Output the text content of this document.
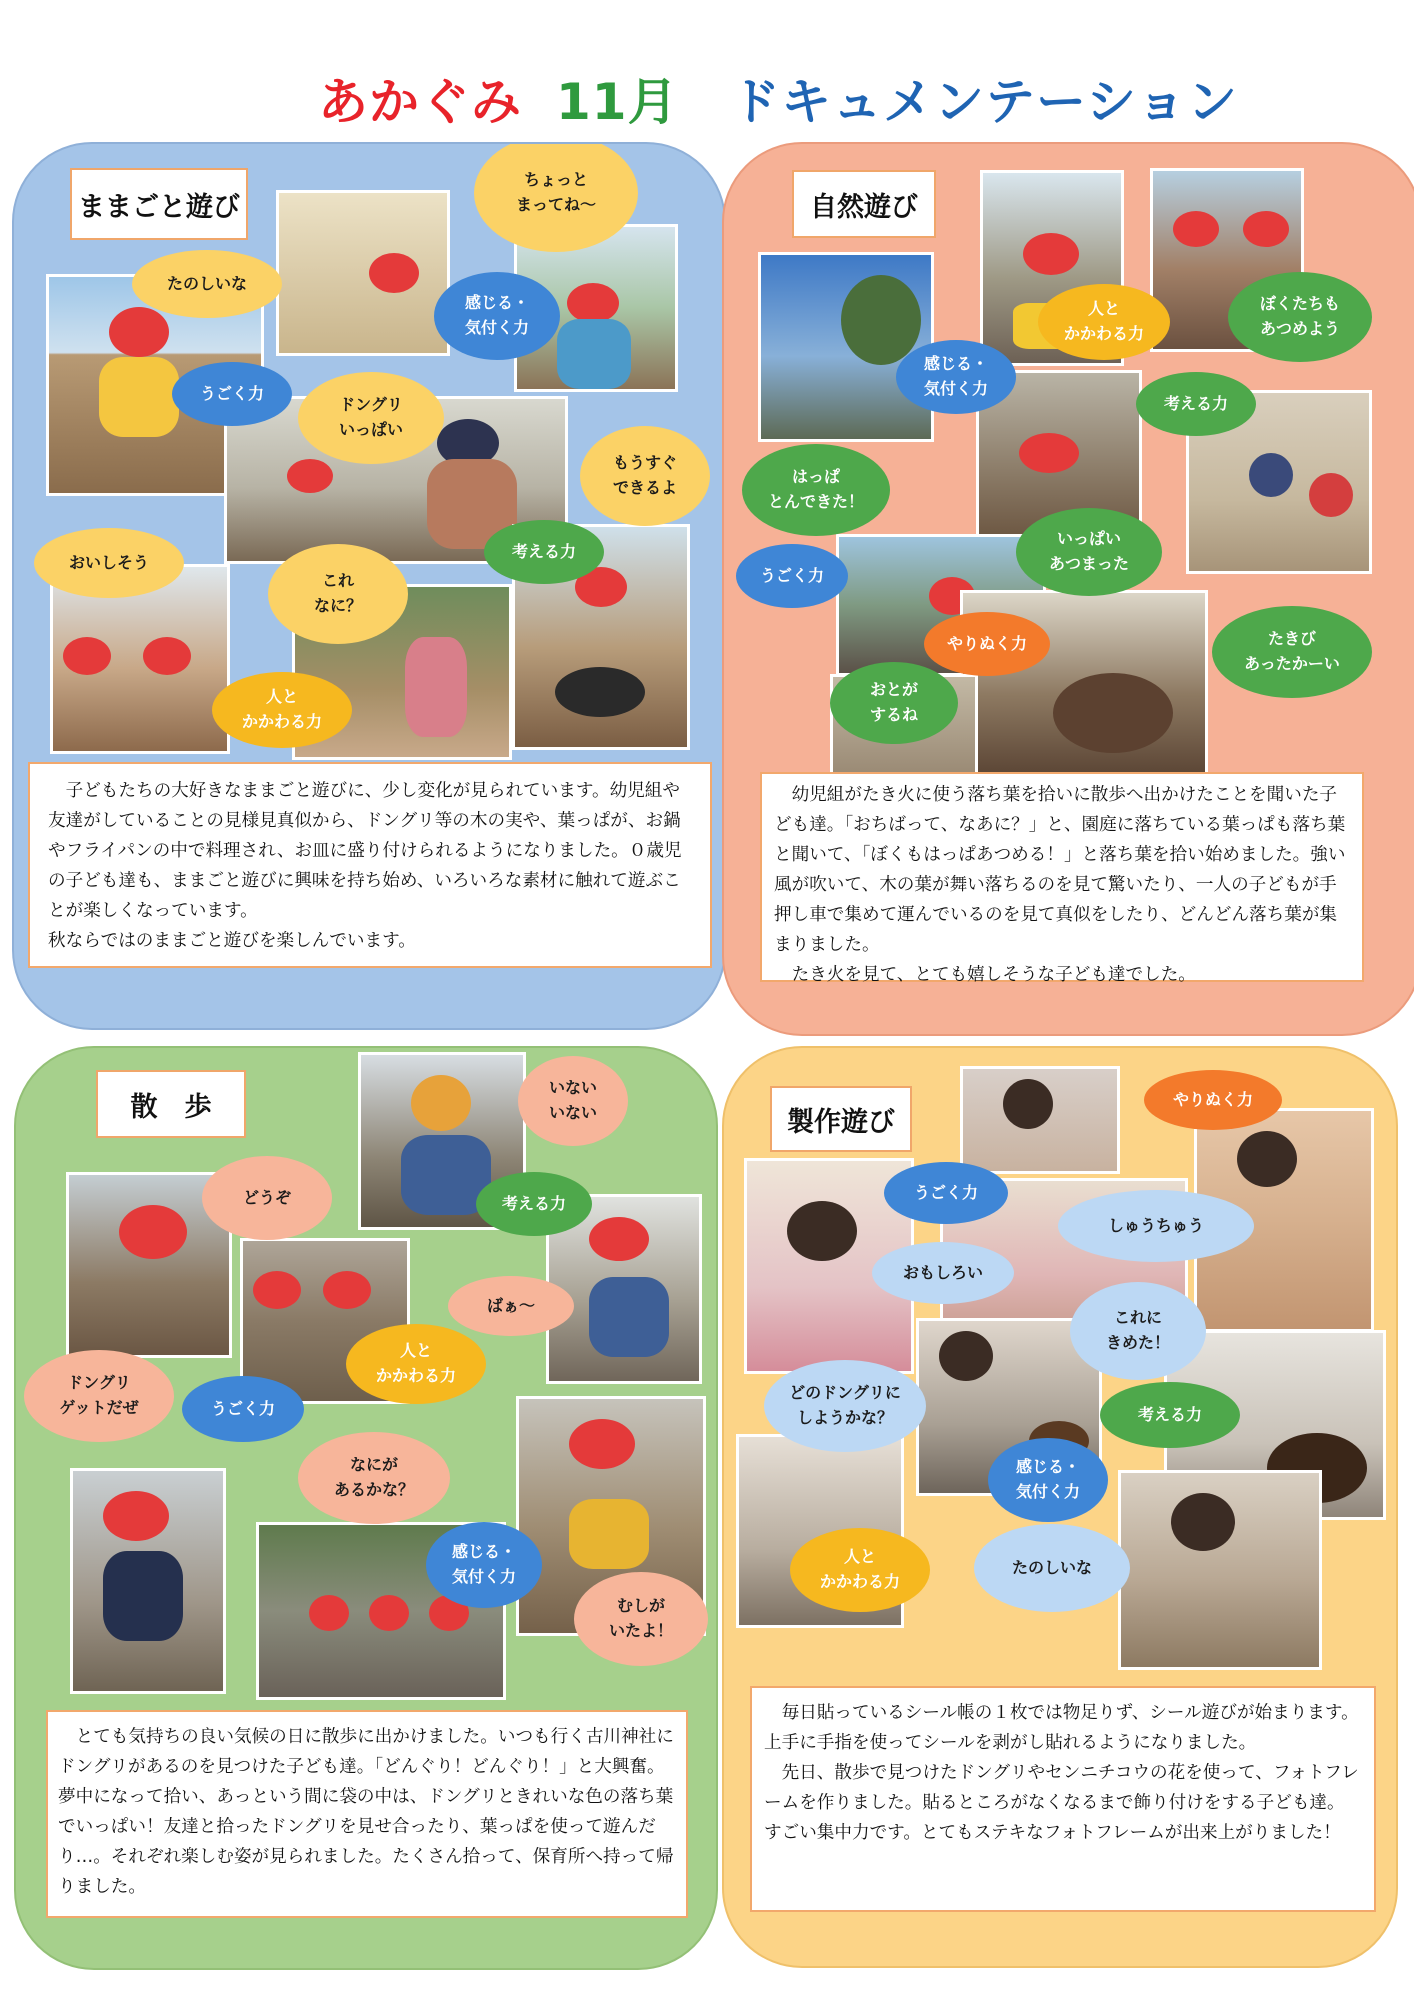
あかぐみ 11月 ドキュメンテーション
ままごと遊び
たのしいな
ちょっと
まってね～
感じる・
気付く力
うごく力
ドングリ
いっぱい
もうすぐ
できるよ
おいしそう
これ
なに？
考える力
人と
かかわる力

　子どもたちの大好きなままごと遊びに、少し変化が見られています。幼児組や友達がしていることの見様見真似から、ドングリ等の木の実や、葉っぱが、お鍋やフライパンの中で料理され、お皿に盛り付けられるようになりました。０歳児の子ども達も、ままごと遊びに興味を持ち始め、いろいろな素材に触れて遊ぶことが楽しくなっています。

秋ならではのままごと遊びを楽しんでいます。

自然遊び
人と
かかわる力
ぼくたちも
あつめよう
感じる・
気付く力
考える力
はっぱ
とんできた！
いっぱい
あつまった
うごく力
やりぬく力	たきび
あったかーい
おとが
するね

　幼児組がたき火に使う落ち葉を拾いに散歩へ出かけたことを聞いた子ども達。「おちばって、なあに？」と、園庭に落ちている葉っぱも落ち葉と聞いて、「ぼくもはっぱあつめる！」と落ち葉を拾い始めました。強い風が吹いて、木の葉が舞い落ちるのを見て驚いたり、一人の子どもが手押し車で集めて運んでいるのを見て真似をしたり、どんどん落ち葉が集まりました。

　たき火を見て、とても嬉しそうな子ども達でした。

散　歩
いない
いない
どうぞ	考える力
ばぁ～
人と
かかわる力
ドングリ
ゲットだぜ	うごく力
なにが
あるかな？
感じる・
気付く力
むしが
いたよ！

　とても気持ちの良い気候の日に散歩に出かけました。いつも行く古川神社にドングリがあるのを見つけた子ども達。「どんぐり！どんぐり！」と大興奮。夢中になって拾い、あっという間に袋の中は、ドングリときれいな色の落ち葉でいっぱい！友達と拾ったドングリを見せ合ったり、葉っぱを使って遊んだり…。それぞれ楽しむ姿が見られました。たくさん拾って、保育所へ持って帰りました。

製作遊び
やりぬく力
うごく力
しゅうちゅう
おもしろい
これに
きめた！
どのドングリに
しようかな？	考える力
感じる・
気付く力
人と
かかわる力
たのしいな

　毎日貼っているシール帳の１枚では物足りず、シール遊びが始まります。上手に手指を使ってシールを剥がし貼れるようになりました。

　先日、散歩で見つけたドングリやセンニチコウの花を使って、フォトフレームを作りました。貼るところがなくなるまで飾り付けをする子ども達。すごい集中力です。とてもステキなフォトフレームが出来上がりました！
